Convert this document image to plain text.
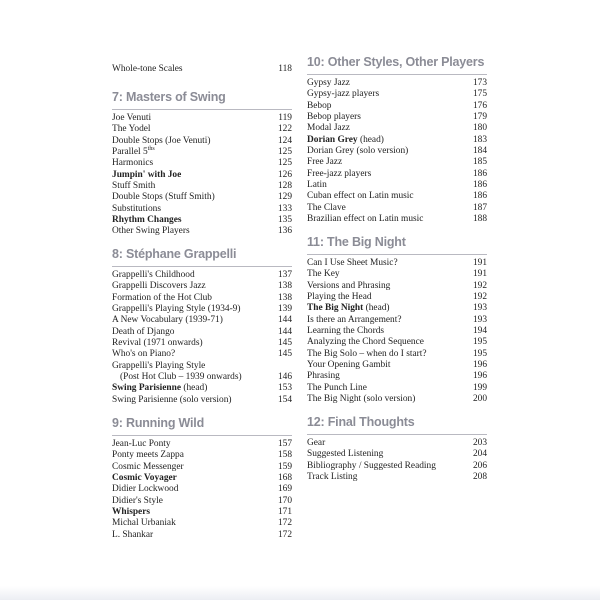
Whole-tone Scales	118
7: Masters of Swing
Joe Venuti	119
The Yodel	122
Double Stops (Joe Venuti)	124
Parallel $5^{ths}$	125
Harmonics	125
Jumpin' with Joe	126
Stuff Smith	128
Double Stops (Stuff Smith)	129
Substitutions	133
Rhythm Changes	135
Other Swing Players	136
8: Stéphane Grappelli
Grappelli's Childhood	137
Grappelli Discovers Jazz	138
Formation of the Hot Club	138
Grappelli's Playing Style (1934-9)	139
A New Vocabulary (1939-71)	144
Death of Django	144
Revival (1971 onwards)	145
Who's on Piano?	145
Grappelli's Playing Style
(Post Hot Club – 1939 onwards)	146
Swing Parisienne (head)	153
Swing Parisienne (solo version)	154
9: Running Wild
Jean-Luc Ponty	157
Ponty meets Zappa	158
Cosmic Messenger	159
Cosmic Voyager	168
Didier Lockwood	169
Didier's Style	170
Whispers	171
Michal Urbaniak	172
L. Shankar	172
10: Other Styles, Other Players
Gypsy Jazz	173
Gypsy-jazz players	175
Bebop	176
Bebop players	179
Modal Jazz	180
Dorian Grey (head)	183
Dorian Grey (solo version)	184
Free Jazz	185
Free-jazz players	186
Latin	186
Cuban effect on Latin music	186
The Clave	187
Brazilian effect on Latin music	188
11: The Big Night
Can I Use Sheet Music?	191
The Key	191
Versions and Phrasing	192
Playing the Head	192
The Big Night (head)	193
Is there an Arrangement?	193
Learning the Chords	194
Analyzing the Chord Sequence	195
The Big Solo – when do I start?	195
Your Opening Gambit	196
Phrasing	196
The Punch Line	199
The Big Night (solo version)	200
12: Final Thoughts
Gear	203
Suggested Listening	204
Bibliography / Suggested Reading	206
Track Listing	208
